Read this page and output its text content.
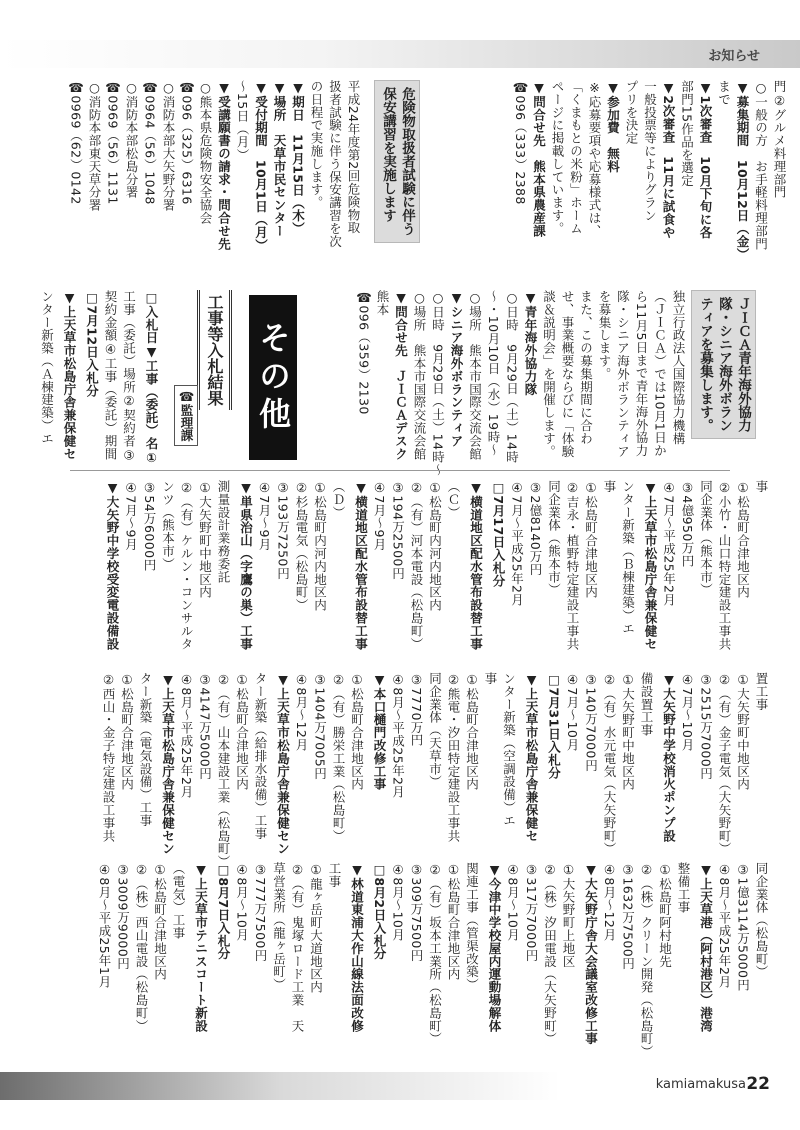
お知らせ

門②グルメ料理部門

○一般の方　お手軽料理部門

▼募集期間　10月12日（金）

まで

▼1次審査　10月下旬に各

部門15作品を選定

▼2次審査　11月に試食や

一般投票等によりグラン

プリを決定

▼参加費　無料

※応募要項や応募様式は、

「くまもとの米粉」ホーム

ページに掲載しています。

▼問合せ先　熊本県農産課

☎096（333）2388

危険物取扱者試験に伴う
保安講習を実施します

平成24年度第2回危険物取

扱者試験に伴う保安講習を次

の日程で実施します。

▼期日　11月15日（木）

▼場所　天草市民センター

▼受付期間　10月1日（月）

〜15日（月）

▼受講願書の請求・問合せ先

○熊本県危険物安全協会

☎096（325）6316

○消防本部大矢野分署

☎0964（56）1048

○消防本部松島分署

☎0969（56）1131

○消防本部東天草分署

☎0969（62）0142

ＪＩＣＡ青年海外協力
隊・シニア海外ボラン
ティアを募集します。

独立行政法人国際協力機構

（ＪＩＣＡ）では10月1日か

ら11月5日まで青年海外協力

隊・シニア海外ボランティア

を募集します。

また、この募集期間に合わ

せ、事業概要ならびに「体験

談＆説明会」を開催します。

▼青年海外協力隊

○日時　9月29日（土）14時

〜・10月10日（水）19時〜

○場所　熊本市国際交流会館

▼シニア海外ボランティア

○日時　9月29日（土）14時〜

○場所　熊本市国際交流会館

▼問合せ先　ＪＩＣＡデスク

熊本

☎096（359）2130

その他
工事等入札結果
☎監理課

□入札日▼工事（委託）名①

工事（委託）場所②契約者③

契約金額④工事（委託）期間

□7月12日入札分

▼上天草市松島庁舎兼保健セ

ンター新築（Ａ棟建築）エ

事

①松島町合津地区内

②小竹・山口特定建設工事共

同企業体（熊本市）

③4億950万円

④7月〜平成25年2月

▼上天草市松島庁舎兼保健セ

ンター新築（Ｂ棟建築）エ

事

①松島町合津地区内

②吉永・植野特定建設工事共

同企業体（熊本市）

③2億8140万円

④7月〜平成25年2月

□7月17日入札分

▼横道地区配水管布設替工事

（Ｃ）

①松島町内河内地区内

②（有）河本電設（松島町）

③194万2500円

④7月〜9月

▼横道地区配水管布設替工事

（Ｄ）

①松島町内河内地区内

②杉島電気（松島町）

③193万7250円

④7月〜9月

▼単県治山（字鷹の巣）工事

測量設計業務委託

①大矢野町中地区内

②（有）ケルン・コンサルタ

ンツ（熊本市）

③54万6000円

④7月〜9月

▼大矢野中学校受変電設備設

置工事

①大矢野町中地区内

②（有）金子電気（大矢野町）

③2515万7000円

④7月〜10月

▼大矢野中学校消火ポンプ設

備設置工事

①大矢野町中地区内

②（有）水元電気（大矢野町）

③140万7000円

④7月〜10月

□7月31日入札分

▼上天草市松島庁舎兼保健セ

ンター新築（空調設備）エ

事

①松島町合津地区内

②熊電・汐田特定建設工事共

同企業体（天草市）

③7770万円

④8月〜平成25年2月

▼本口樋門改修工事

①松島町合津地区内

②（有）勝栄工業（松島町）

③1404万7005円

④8月〜12月

▼上天草市松島庁舎兼保健セン

ター新築（給排水設備）工事

①松島町合津地区内

②（有）山本建設工業（松島町）

③4147万5000円

④8月〜平成25年2月

▼上天草市松島庁舎兼保健セン

ター新築（電気設備）工事

①松島町合津地区内

②西山・金子特定建設工事共

同企業体（松島町）

③1億3114万5000円

④8月〜平成25年2月

▼上天草港（阿村港区）港湾

整備工事

①松島町阿村地先

②（株）クリーン開発（松島町）

③1632万7500円

④8月〜12月

▼大矢野庁舎大会議室改修工事

①大矢野町上地区

②（株）汐田電設（大矢野町）

③317万7000円

④8月〜10月

▼今津中学校屋内運動場解体

関連工事（管渠改築）

①松島町合津地区内

②（有）坂本工業所（松島町）

③309万7500円

④8月〜10月

□8月2日入札分

▼林道東浦大作山線法面改修

工事

①龍ヶ岳町大道地区内

②（有）鬼塚ロード工業　天

草営業所（龍ヶ岳町）

③777万7500円

④8月〜10月

□8月7日入札分

▼上天草市テニスコート新設

（電気）工事

①松島町合津地区内

②（株）西山電設（松島町）

③3009万9000円

④8月〜平成25年1月

kamiamakusa 22
